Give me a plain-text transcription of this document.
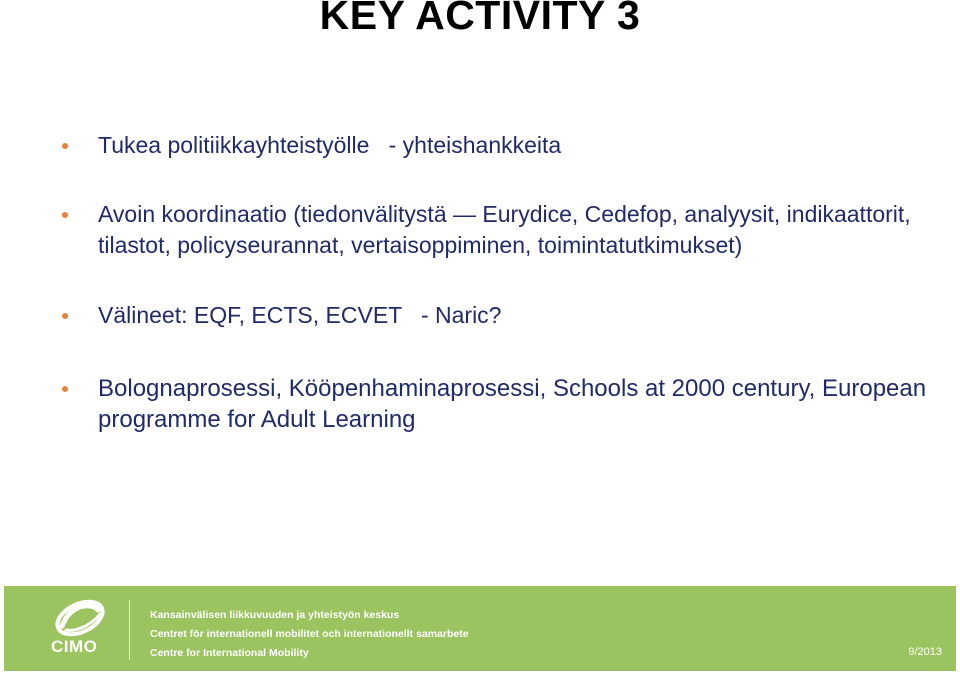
KEY ACTIVITY 3
Tukea politiikkayhteistyölle   - yhteishankkeita
Avoin koordinaatio (tiedonvälitystä — Eurydice, Cedefop, analyysit, indikaattorit, tilastot, policyseurannat, vertaisoppiminen, toimintatutkimukset)
Välineet: EQF, ECTS, ECVET   - Naric?
Bolognaprosessi, Kööpenhaminaprosessi, Schools at 2000 century, European programme for Adult Learning
CIMO
Kansainvälisen liikkuvuuden ja yhteistyön keskus
Centret för internationell mobilitet och internationellt samarbete
Centre for International Mobility	9/2013
